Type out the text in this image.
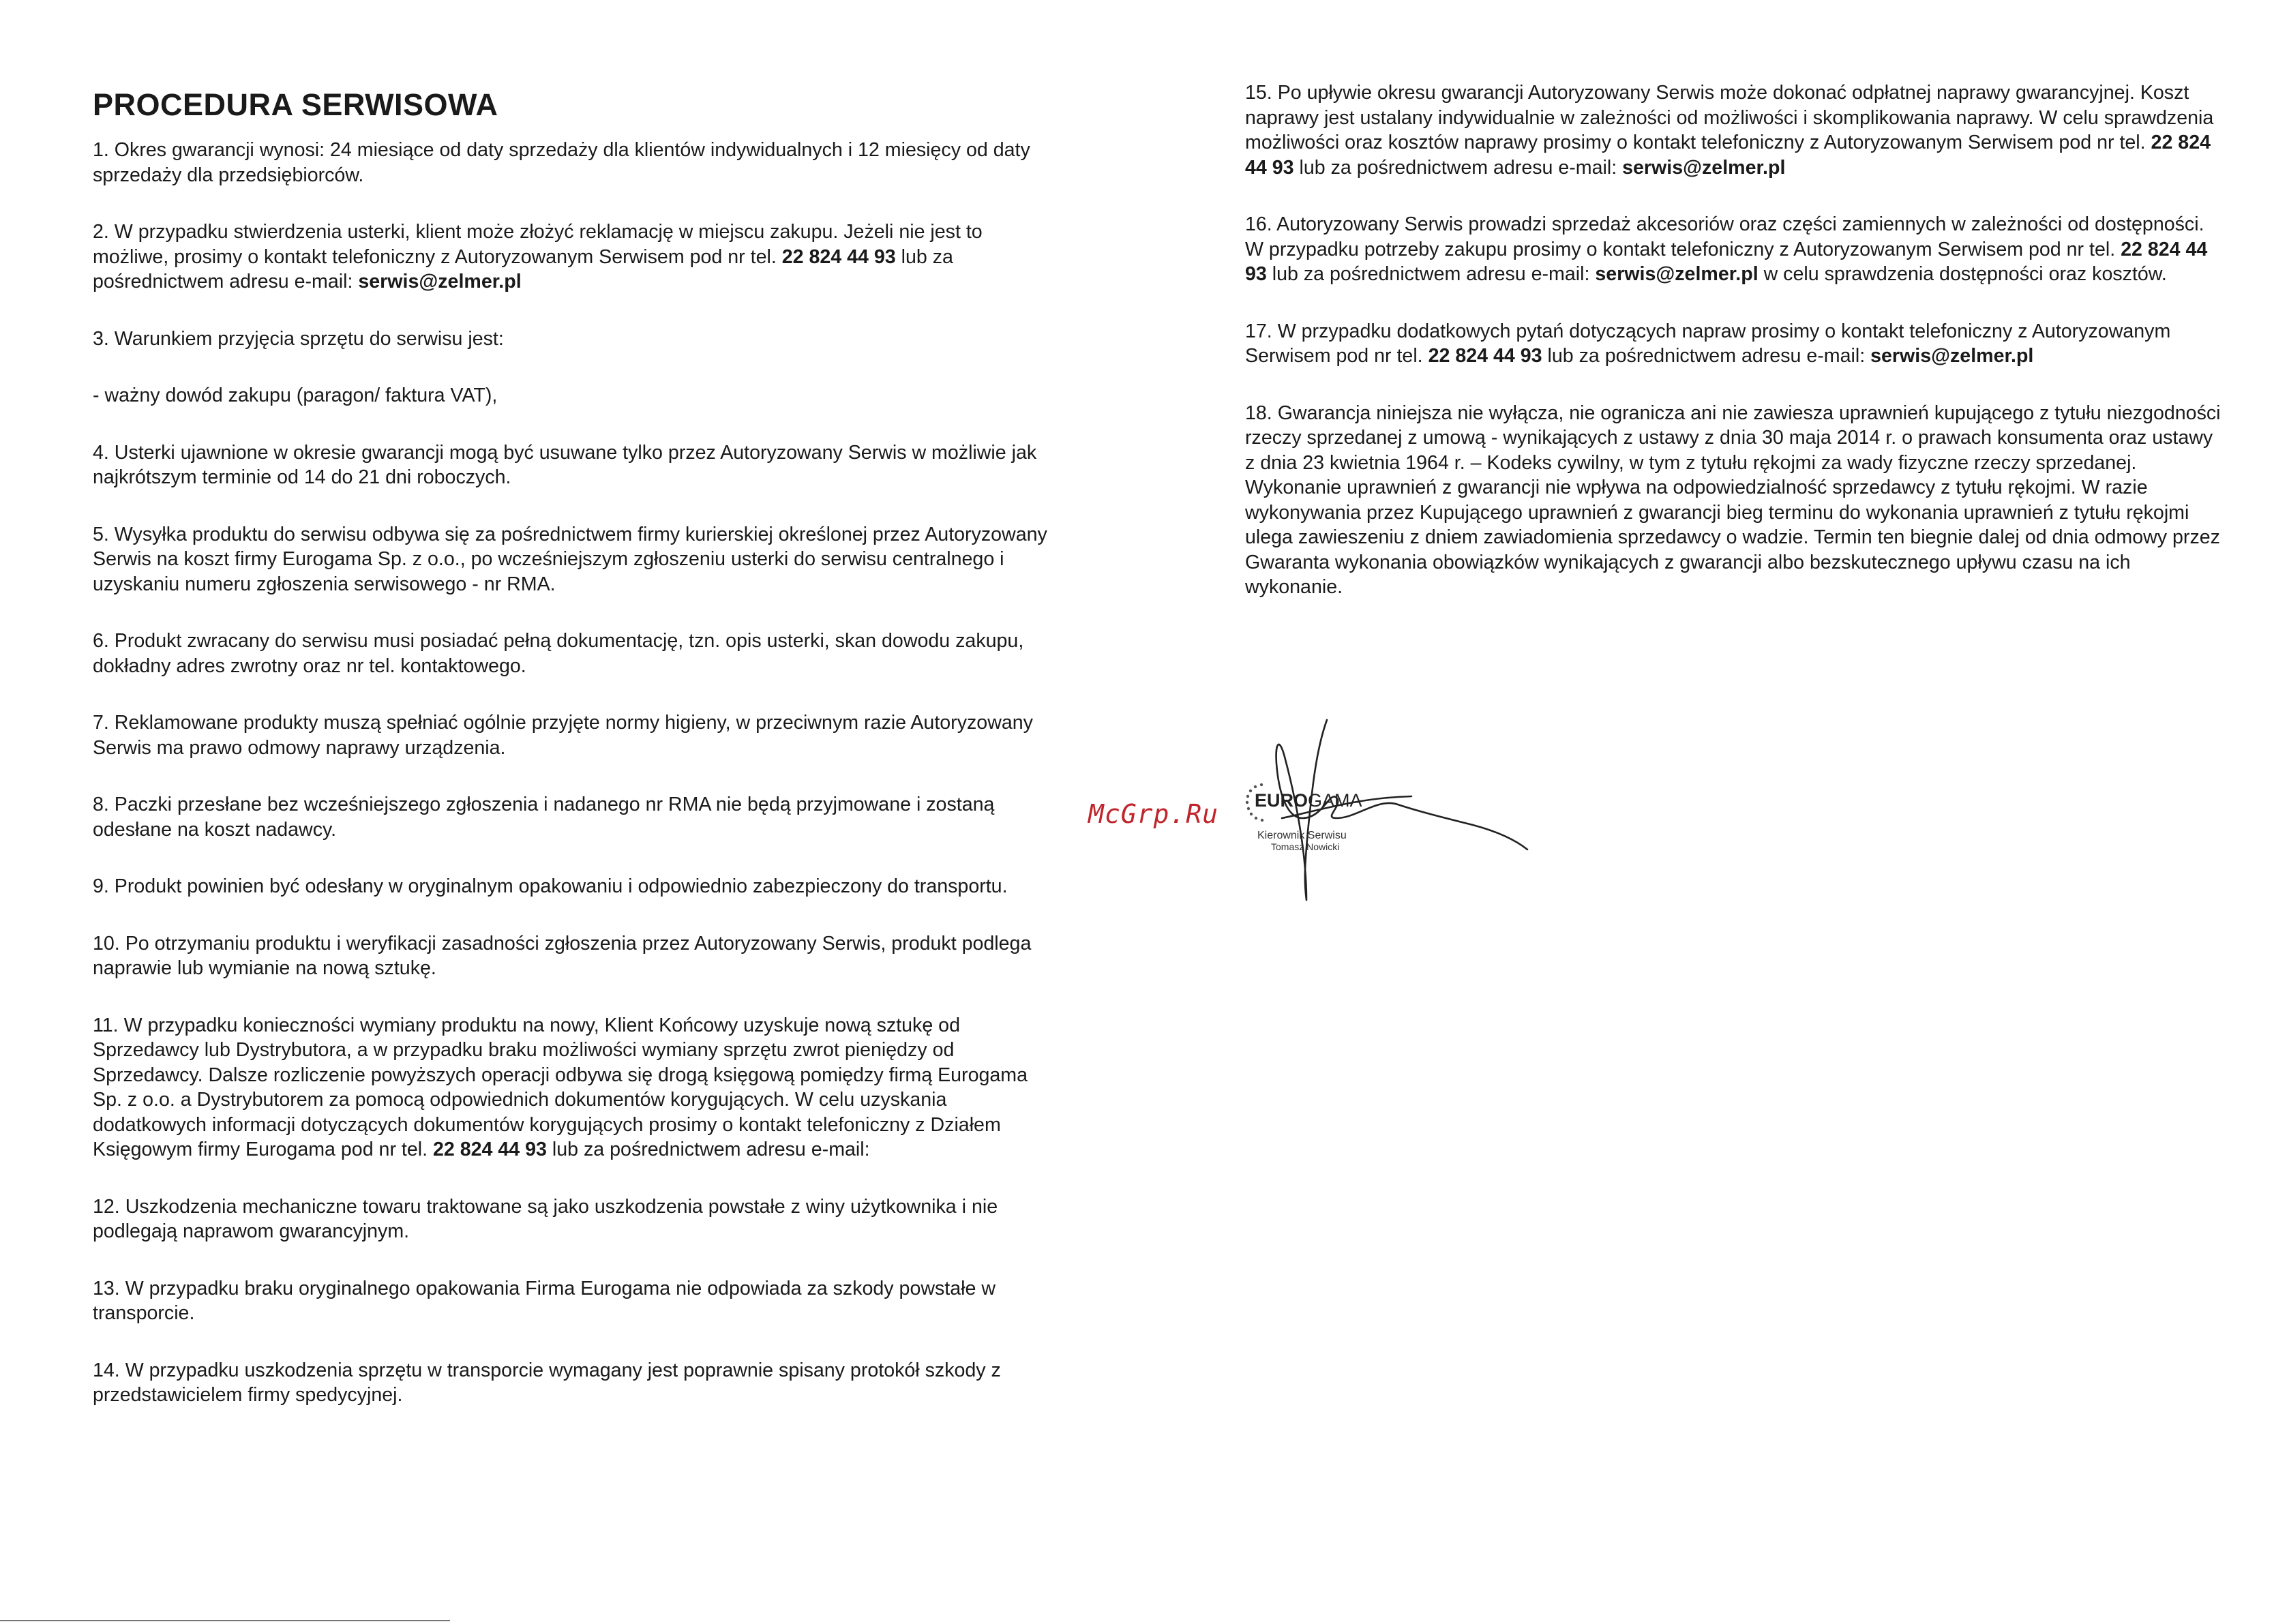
PROCEDURA SERWISOWA
1. Okres gwarancji wynosi: 24 miesiące od daty sprzedaży dla klientów indywidualnych i 12 miesięcy od daty sprzedaży dla przedsiębiorców.
2. W przypadku stwierdzenia usterki, klient może złożyć reklamację w miejscu zakupu. Jeżeli nie jest to możliwe, prosimy o kontakt telefoniczny z Autoryzowanym Serwisem pod nr tel. 22 824 44 93 lub za pośrednictwem adresu e-mail: serwis@zelmer.pl
3. Warunkiem przyjęcia sprzętu do serwisu jest:
- ważny dowód zakupu (paragon/ faktura VAT),
4. Usterki ujawnione w okresie gwarancji mogą być usuwane tylko przez Autoryzowany Serwis w możliwie jak najkrótszym terminie od 14 do 21 dni roboczych.
5. Wysyłka produktu do serwisu odbywa się za pośrednictwem firmy kurierskiej określonej przez Autoryzowany Serwis na koszt firmy Eurogama Sp. z o.o., po wcześniejszym zgłoszeniu usterki do serwisu centralnego i uzyskaniu numeru zgłoszenia serwisowego - nr RMA.
6. Produkt zwracany do serwisu musi posiadać pełną dokumentację, tzn. opis usterki, skan dowodu zakupu, dokładny adres zwrotny oraz nr tel. kontaktowego.
7. Reklamowane produkty muszą spełniać ogólnie przyjęte normy higieny, w przeciwnym razie Autoryzowany Serwis ma prawo odmowy naprawy urządzenia.
8. Paczki przesłane bez wcześniejszego zgłoszenia i nadanego nr RMA nie będą przyjmowane i zostaną odesłane na koszt nadawcy.
9. Produkt powinien być odesłany w oryginalnym opakowaniu i odpowiednio zabezpieczony do transportu.
10. Po otrzymaniu produktu i weryfikacji zasadności zgłoszenia przez Autoryzowany Serwis, produkt podlega naprawie lub wymianie na nową sztukę.
11. W przypadku konieczności wymiany produktu na nowy, Klient Końcowy uzyskuje nową sztukę od Sprzedawcy lub Dystrybutora, a w przypadku braku możliwości wymiany sprzętu zwrot pieniędzy od Sprzedawcy. Dalsze rozliczenie powyższych operacji odbywa się drogą księgową pomiędzy firmą Eurogama Sp. z o.o. a Dystrybutorem za pomocą odpowiednich dokumentów korygujących. W celu uzyskania dodatkowych informacji dotyczących dokumentów korygujących prosimy o kontakt telefoniczny z Działem Księgowym firmy Eurogama pod nr tel. 22 824 44 93 lub za pośrednictwem adresu e-mail:
12. Uszkodzenia mechaniczne towaru traktowane są jako uszkodzenia powstałe z winy użytkownika i nie podlegają naprawom gwarancyjnym.
13. W przypadku braku oryginalnego opakowania Firma Eurogama nie odpowiada za szkody powstałe w transporcie.
14. W przypadku uszkodzenia sprzętu w transporcie wymagany jest poprawnie spisany protokół szkody z przedstawicielem firmy spedycyjnej.
15. Po upływie okresu gwarancji Autoryzowany Serwis może dokonać odpłatnej naprawy gwarancyjnej. Koszt naprawy jest ustalany indywidualnie w zależności od możliwości i skomplikowania naprawy. W celu sprawdzenia możliwości oraz kosztów naprawy prosimy o kontakt telefoniczny z Autoryzowanym Serwisem pod nr tel. 22 824 44 93 lub za pośrednictwem adresu e-mail: serwis@zelmer.pl
16. Autoryzowany Serwis prowadzi sprzedaż akcesoriów oraz części zamiennych w zależności od dostępności. W przypadku potrzeby zakupu prosimy o kontakt telefoniczny z Autoryzowanym Serwisem pod nr tel. 22 824 44 93 lub za pośrednictwem adresu e-mail: serwis@zelmer.pl w celu sprawdzenia dostępności oraz kosztów.
17. W przypadku dodatkowych pytań dotyczących napraw prosimy o kontakt telefoniczny z Autoryzowanym Serwisem pod nr tel. 22 824 44 93 lub za pośrednictwem adresu e-mail: serwis@zelmer.pl
18. Gwarancja niniejsza nie wyłącza, nie ogranicza ani nie zawiesza uprawnień kupującego z tytułu niezgodności rzeczy sprzedanej z umową - wynikających z ustawy z dnia 30 maja 2014 r. o prawach konsumenta oraz ustawy z dnia 23 kwietnia 1964 r. – Kodeks cywilny, w tym z tytułu rękojmi za wady fizyczne rzeczy sprzedanej. Wykonanie uprawnień z gwarancji nie wpływa na odpowiedzialność sprzedawcy z tytułu rękojmi. W razie wykonywania przez Kupującego uprawnień z gwarancji bieg terminu do wykonania uprawnień z tytułu rękojmi ulega zawieszeniu z dniem zawiadomienia sprzedawcy o wadzie. Termin ten biegnie dalej od dnia odmowy przez Gwaranta wykonania obowiązków wynikających z gwarancji albo bezskutecznego upływu czasu na ich wykonanie.
McGrp.Ru EUROGAMA
Kierownik Serwisu
Tomasz Nowicki
